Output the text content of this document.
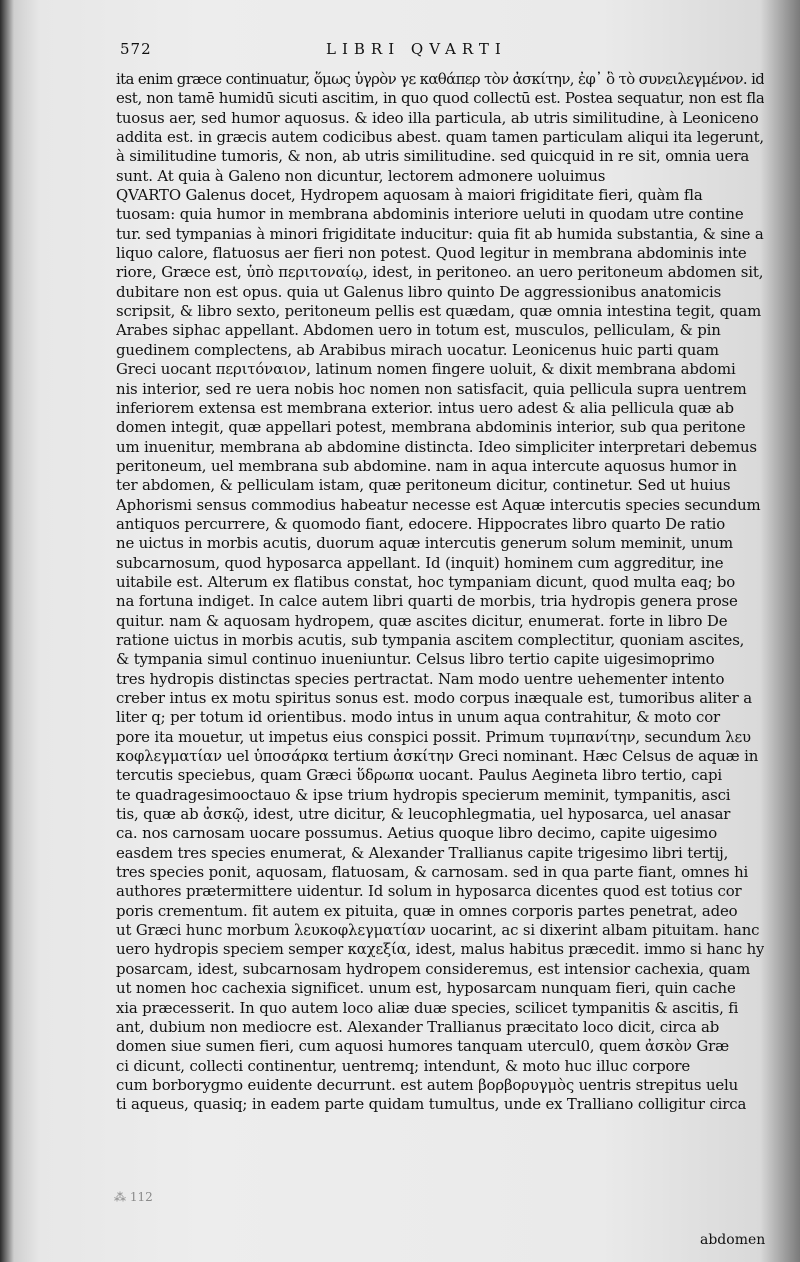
572	LIBRI QVARTI
ita enim græce continuatur, ὅμως ὑγρὸν γε καθάπερ τὸν ἀσκίτην, ἐφ᾽ ὃ τὸ συνειλεγμένον. id
est, non tamē humidū sicuti ascitim, in quo quod collectū est. Postea sequatur, non est fla
tuosus aer, sed humor aquosus. & ideo illa particula, ab utris similitudine, à Leoniceno
addita est. in græcis autem codicibus abest. quam tamen particulam aliqui ita legerunt,
à similitudine tumoris, & non, ab utris similitudine. sed quicquid in re sit, omnia uera
sunt. At quia à Galeno non dicuntur, lectorem admonere uoluimus
QVARTO Galenus docet, Hydropem aquosam à maiori frigiditate fieri, quàm fla
tuosam: quia humor in membrana abdominis interiore ueluti in quodam utre contine
tur. sed tympanias à minori frigiditate inducitur: quia fit ab humida substantia, & sine a
liquo calore, flatuosus aer fieri non potest. Quod legitur in membrana abdominis inte
riore, Græce est, ὑπὸ περιτοναίῳ, idest, in peritoneo. an uero peritoneum abdomen sit,
dubitare non est opus. quia ut Galenus libro quinto De aggressionibus anatomicis
scripsit, & libro sexto, peritoneum pellis est quædam, quæ omnia intestina tegit, quam
Arabes siphac appellant. Abdomen uero in totum est, musculos, pelliculam, & pin
guedinem complectens, ab Arabibus mirach uocatur. Leonicenus huic parti quam
Greci uocant περιτόναιον, latinum nomen fingere uoluit, & dixit membrana abdomi
nis interior, sed re uera nobis hoc nomen non satisfacit, quia pellicula supra uentrem
inferiorem extensa est membrana exterior. intus uero adest & alia pellicula quæ ab
domen integit, quæ appellari potest, membrana abdominis interior, sub qua peritone
um inuenitur, membrana ab abdomine distincta. Ideo simpliciter interpretari debemus
peritoneum, uel membrana sub abdomine. nam in aqua intercute aquosus humor in
ter abdomen, & pelliculam istam, quæ peritoneum dicitur, continetur. Sed ut huius
Aphorismi sensus commodius habeatur necesse est Aquæ intercutis species secundum
antiquos percurrere, & quomodo fiant, edocere. Hippocrates libro quarto De ratio
ne uictus in morbis acutis, duorum aquæ intercutis generum solum meminit, unum
subcarnosum, quod hyposarca appellant. Id (inquit) hominem cum aggreditur, ine
uitabile est. Alterum ex flatibus constat, hoc tympaniam dicunt, quod multa eaq; bo
na fortuna indiget. In calce autem libri quarti de morbis, tria hydropis genera prose
quitur. nam & aquosam hydropem, quæ ascites dicitur, enumerat. forte in libro De
ratione uictus in morbis acutis, sub tympania ascitem complectitur, quoniam ascites,
& tympania simul continuo inueniuntur. Celsus libro tertio capite uigesimoprimo
tres hydropis distinctas species pertractat. Nam modo uentre uehementer intento
creber intus ex motu spiritus sonus est. modo corpus inæquale est, tumoribus aliter a
liter q; per totum id orientibus. modo intus in unum aqua contrahitur, & moto cor
pore ita mouetur, ut impetus eius conspici possit. Primum τυμπανίτην, secundum λευ
κοφλεγματίαν uel ὑποσάρκα tertium ἀσκίτην Greci nominant. Hæc Celsus de aquæ in
tercutis speciebus, quam Græci ὕδρωπα uocant. Paulus Aegineta libro tertio, capi
te quadragesimooctauo & ipse trium hydropis specierum meminit, tympanitis, asci
tis, quæ ab ἀσκῷ, idest, utre dicitur, & leucophlegmatia, uel hyposarca, uel anasar
ca. nos carnosam uocare possumus. Aetius quoque libro decimo, capite uigesimo
easdem tres species enumerat, & Alexander Trallianus capite trigesimo libri tertij,
tres species ponit, aquosam, flatuosam, & carnosam. sed in qua parte fiant, omnes hi
authores prætermittere uidentur. Id solum in hyposarca dicentes quod est totius cor
poris crementum. fit autem ex pituita, quæ in omnes corporis partes penetrat, adeo
ut Græci hunc morbum λευκοφλεγματίαν uocarint, ac si dixerint albam pituitam. hanc
uero hydropis speciem semper καχεξία, idest, malus habitus præcedit. immo si hanc hy
posarcam, idest, subcarnosam hydropem consideremus, est intensior cachexia, quam
ut nomen hoc cachexia significet. unum est, hyposarcam nunquam fieri, quin cache
xia præcesserit. In quo autem loco aliæ duæ species, scilicet tympanitis & ascitis, fi
ant, dubium non mediocre est. Alexander Trallianus præcitato loco dicit, circa ab
domen siue sumen fieri, cum aquosi humores tanquam utercul0, quem ἀσκὸν Græ
ci dicunt, collecti continentur, uentremq; intendunt, & moto huc illuc corpore
cum borborygmo euidente decurrunt. est autem βορβορυγμὸς uentris strepitus uelu
ti aqueus, quasiq; in eadem parte quidam tumultus, unde ex Trallianо colligitur circa
⁂ 112
abdomen
